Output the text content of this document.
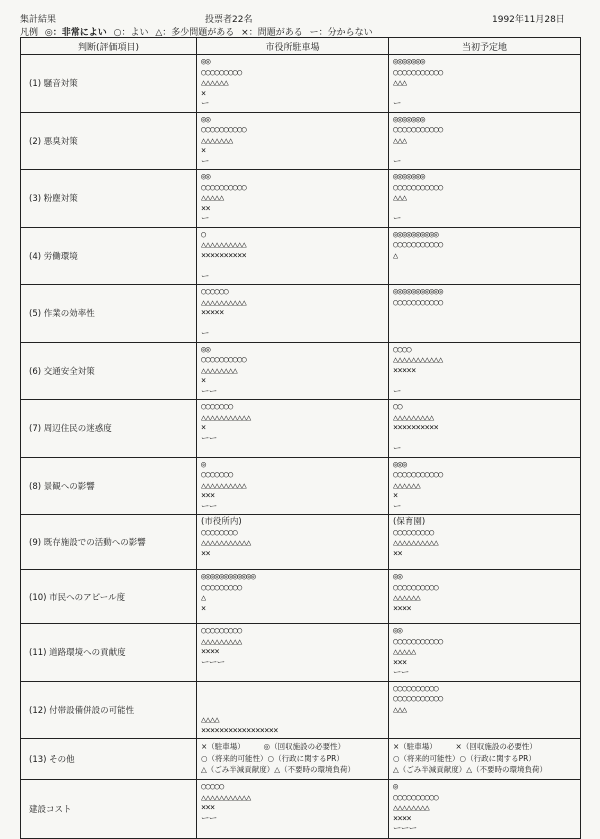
集計結果	投票者22名	1992年11月28日
凡例 ◎：非常によい ○：よい △：多少問題がある ×：問題がある ー：分からない
判断(評価項目)	市役所駐車場	当初予定地
(1) 騒音対策	◎◎
○○○○○○○○○
△△△△△△
×
ー	◎◎◎◎◎◎◎
○○○○○○○○○○○
△△△

ー

(2) 悪臭対策	◎◎
○○○○○○○○○○
△△△△△△△
×
ー	◎◎◎◎◎◎◎
○○○○○○○○○○○
△△△

ー

(3) 粉塵対策	◎◎
○○○○○○○○○○
△△△△△
××
ー	◎◎◎◎◎◎◎
○○○○○○○○○○○
△△△

ー

(4) 労働環境	○
△△△△△△△△△△
××××××××××

ー	◎◎◎◎◎◎◎◎◎◎
○○○○○○○○○○○
△

(5) 作業の効率性	○○○○○○
△△△△△△△△△△
×××××

ー	◎◎◎◎◎◎◎◎◎◎◎
○○○○○○○○○○○

(6) 交通安全対策	◎◎
○○○○○○○○○○
△△△△△△△△
×
ーー	○○○○
△△△△△△△△△△△
×××××

ー

(7) 周辺住民の迷惑度	○○○○○○○
△△△△△△△△△△△
×
ーー	○○
△△△△△△△△△
××××××××××

ー

(8) 景観への影響	◎
○○○○○○○
△△△△△△△△△△
×××
ーー	◎◎◎
○○○○○○○○○○○
△△△△△△
×
ー

(9) 既存施設での活動への影響	(市役所内)
○○○○○○○○
△△△△△△△△△△△
××	(保育園)
○○○○○○○○○
△△△△△△△△△△
××

(10) 市民へのアピール度	◎◎◎◎◎◎◎◎◎◎◎◎
○○○○○○○○○
△
×	◎◎
○○○○○○○○○○
△△△△△△
××××

(11) 道路環境への貢献度	○○○○○○○○○
△△△△△△△△△
××××
ーーー	◎◎
○○○○○○○○○○○
△△△△△
×××
ーー

(12) 付帯設備併設の可能性	△△△△
×××××××××××××××××	○○○○○○○○○○
○○○○○○○○○○○
△△△

(13) その他	×（駐車場）　　　◎（回収施設の必要性）
○（将来的可能性）○（行政に関するPR）
△（ごみ半減貢献度）△（不要時の環境負荷）	×（駐車場）　　　×（回収施設の必要性）
○（将来的可能性）○（行政に関するPR）
△（ごみ半減貢献度）△（不要時の環境負荷）

建設コスト	○○○○○
△△△△△△△△△△△
×××
ーー	◎
○○○○○○○○○○
△△△△△△△△
××××
ーーー
